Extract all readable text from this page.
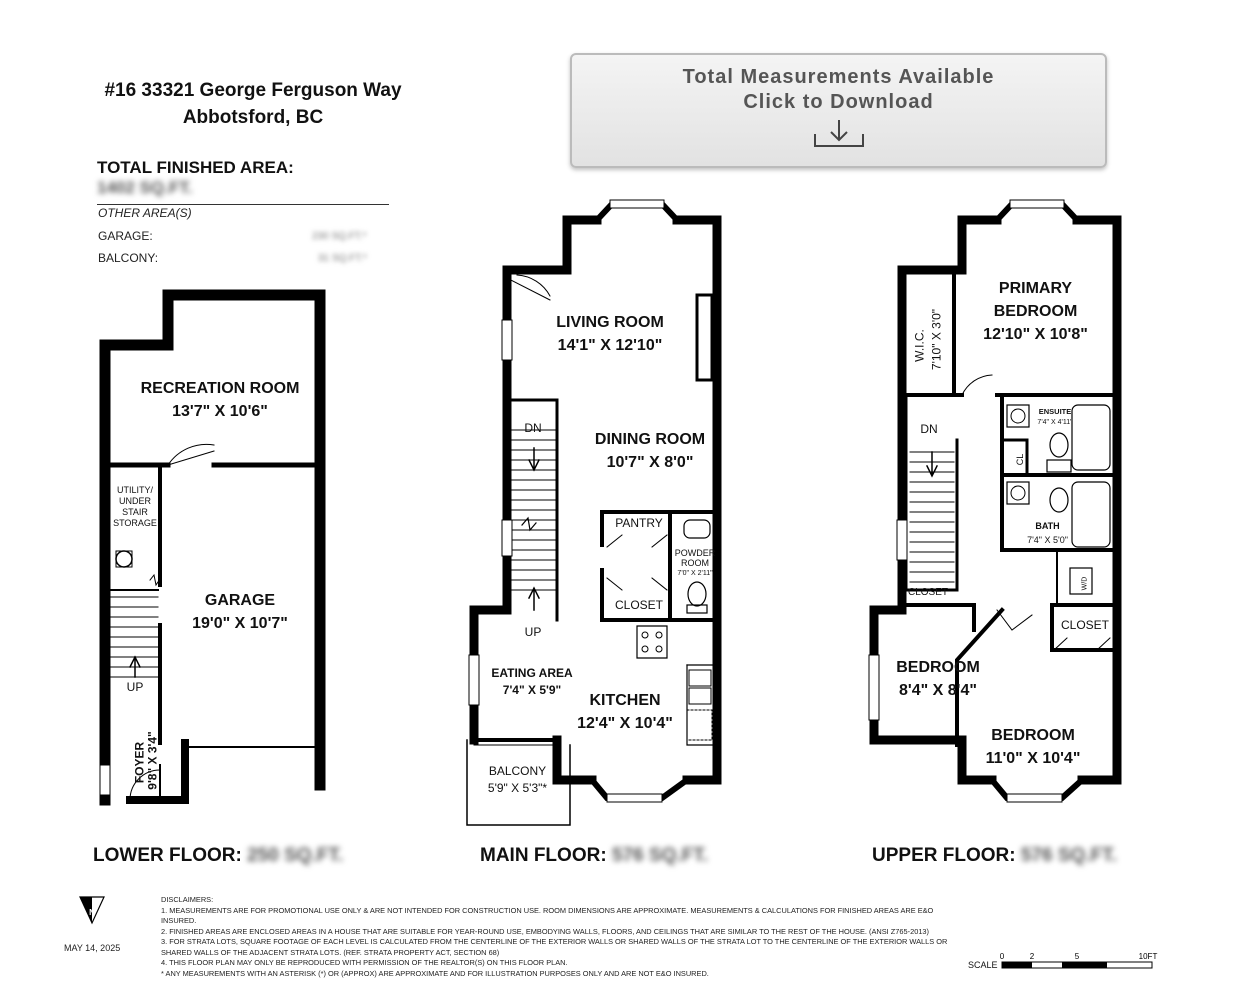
#16 33321 George Ferguson Way
Abbotsford, BC
TOTAL FINISHED AREA: 1402 SQ.FT.
OTHER AREA(S)
GARAGE:	230 SQ.FT.*
BALCONY:	31 SQ.FT.*
Total Measurements Available
Click to Download
RECREATION ROOM
13'7" X 10'6"
UTILITY/
UNDER
STAIR
STORAGE
GARAGE
19'0" X 10'7"
UP
FOYER 9'8" X 3'4"
LIVING ROOM
14'1" X 12'10"
DINING ROOM
10'7" X 8'0"
DN
UP
PANTRY
POWDER
ROOM
7'0" X 2'11"
CLOSET
EATING AREA
7'4" X 5'9"
KITCHEN
12'4" X 10'4"
BALCONY
5'9" X 5'3"*
PRIMARY
BEDROOM
12'10" X 10'8"
W.I.C. 7'10" X 3'0"
DN
ENSUITE
7'4" X 4'11"
CL
BATH
7'4" X 5'0"
W/D
CLOSET
CLOSET
BEDROOM
8'4" X 8'4"
BEDROOM
11'0" X 10'4"
LOWER FLOOR: 250 SQ.FT.	MAIN FLOOR: 576 SQ.FT.	UPPER FLOOR: 576 SQ.FT.
N
MAY 14, 2025
DISCLAIMERS:
1. MEASUREMENTS ARE FOR PROMOTIONAL USE ONLY & ARE NOT INTENDED FOR CONSTRUCTION USE. ROOM DIMENSIONS ARE APPROXIMATE. MEASUREMENTS & CALCULATIONS FOR FINISHED AREAS ARE E&O INSURED.
2. FINISHED AREAS ARE ENCLOSED AREAS IN A HOUSE THAT ARE SUITABLE FOR YEAR-ROUND USE, EMBODYING WALLS, FLOORS, AND CEILINGS THAT ARE SIMILAR TO THE REST OF THE HOUSE. (ANSI Z765-2013)
3. FOR STRATA LOTS, SQUARE FOOTAGE OF EACH LEVEL IS CALCULATED FROM THE CENTERLINE OF THE EXTERIOR WALLS OR SHARED WALLS OF THE STRATA LOT TO THE CENTERLINE OF THE EXTERIOR WALLS OR
SHARED WALLS OF THE ADJACENT STRATA LOTS. (REF. STRATA PROPERTY ACT, SECTION 68)
4. THIS FLOOR PLAN MAY ONLY BE REPRODUCED WITH PERMISSION OF THE REALTOR(S) ON THIS FLOOR PLAN.
* ANY MEASUREMENTS WITH AN ASTERISK (*) OR (APPROX) ARE APPROXIMATE AND FOR ILLUSTRATION PURPOSES ONLY AND ARE NOT E&O INSURED.
SCALE
0	2	5	10FT
